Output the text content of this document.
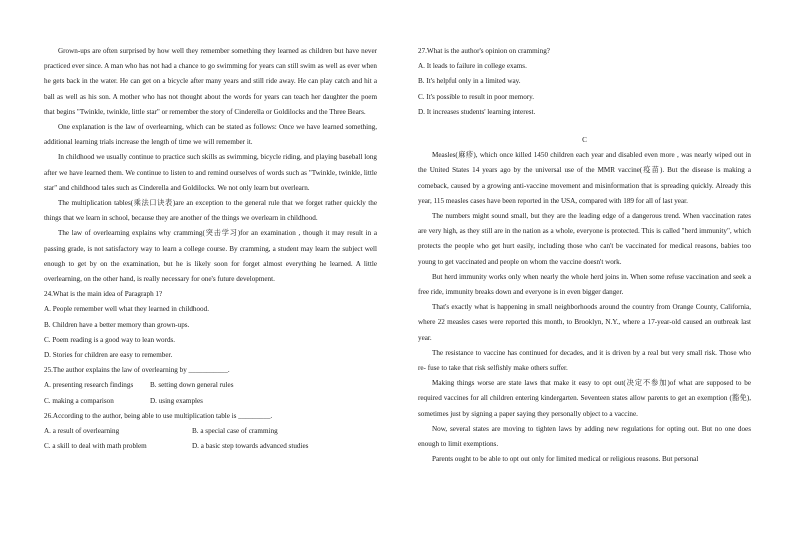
Grown-ups are often surprised by how well they remember something they learned as children but have never practiced ever since. A man who has not had a chance to go swimming for years can still swim as well as ever when he gets back in the water. He can get on a bicycle after many years and still ride away. He can play catch and hit a ball as well as his son. A mother who has not thought about the words for years can teach her daughter the poem that begins "Twinkle, twinkle, little star" or remember the story of Cinderella or Goldilocks and the Three Bears.

One explanation is the law of overlearning, which can be stated as follows: Once we have learned something, additional learning trials increase the length of time we will remember it.

In childhood we usually continue to practice such skills as swimming, bicycle riding, and playing baseball long after we have learned them. We continue to listen to and remind ourselves of words such as "Twinkle, twinkle, little star" and childhood tales such as Cinderella and Goldilocks. We not only learn but overlearn.

The multiplication tables(乘法口诀表)are an exception to the general rule that we forget rather quickly the things that we learn in school, because they are another of the things we overlearn in childhood.

The law of overlearning explains why cramming(突击学习)for an examination , though it may result in a passing grade, is not satisfactory way to learn a college course. By cramming, a student may learn the subject well enough to get by on the examination, but he is likely soon for forget almost everything he learned. A little overlearning, on the other hand, is really necessary for one's future development.

24.What is the main idea of Paragraph 1?

A. People remember well what they learned in childhood.

B. Children have a better memory than grown-ups.

C. Poem reading is a good way to lean words.

D. Stories for children are easy to remember.

25.The author explains the law of overlearning by ___________.

A. presenting research findings	B. setting down general rules
C. making a comparison	D. using examples

26.According to the author, being able to use multiplication table is _________.

A. a result of overlearning	B. a special case of cramming
C. a skill to deal with math problem	D. a basic step towards advanced studies

27.What is the author's opinion on cramming?

A. It leads to failure in college exams.

B. It's helpful only in a limited way.

C. It's possible to result in poor memory.

D. It increases students' learning interest.

C

Measles(麻疹), which once killed 1450 children each year and disabled even more , was nearly wiped out in the United States 14 years ago by the universal use of the MMR vaccine(疫苗). But the disease is making a comeback, caused by a growing anti-vaccine movement and misinformation that is spreading quickly. Already this year, 115 measles cases have been reported in the USA, compared with 189 for all of last year.

The numbers might sound small, but they are the leading edge of a dangerous trend. When vaccination rates are very high, as they still are in the nation as a whole, everyone is protected. This is called "herd immunity", which protects the people who get hurt easily, including those who can't be vaccinated for medical reasons, babies too young to get vaccinated and people on whom the vaccine doesn't work.

But herd immunity works only when nearly the whole herd joins in. When some refuse vaccination and seek a free ride, immunity breaks down and everyone is in even bigger danger.

That's exactly what is happening in small neighborhoods around the country from Orange County, California, where 22 measles cases were reported this month, to Brooklyn, N.Y., where a 17-year-old caused an outbreak last year.

The resistance to vaccine has continued for decades, and it is driven by a real but very small risk. Those who re- fuse to take that risk selfishly make others suffer.

Making things worse are state laws that make it easy to opt out(决定不参加)of what are supposed to be required vaccines for all children entering kindergarten. Seventeen states allow parents to get an exemption (豁免), sometimes just by signing a paper saying they personally object to a vaccine.

Now, several states are moving to tighten laws by adding new regulations for opting out. But no one does enough to limit exemptions.

Parents ought to be able to opt out only for limited medical or religious reasons. But personal
